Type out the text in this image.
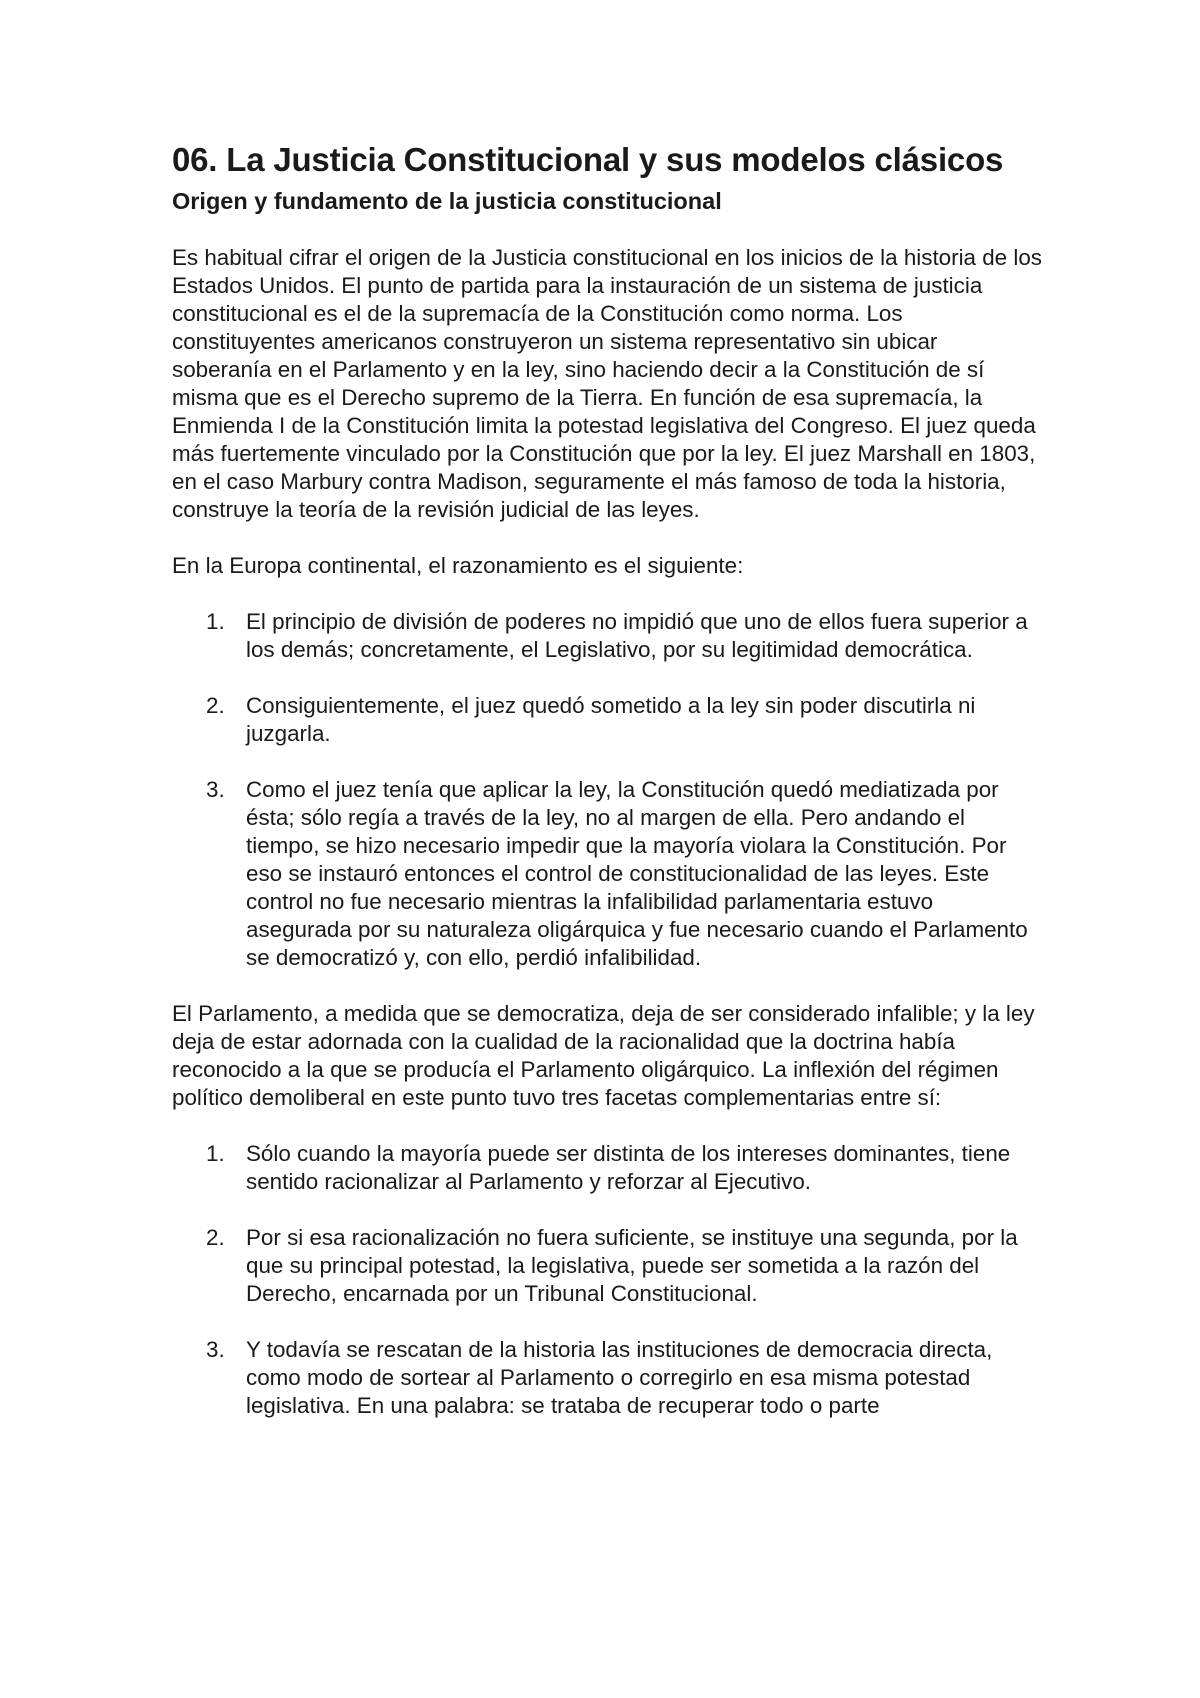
06. La Justicia Constitucional y sus modelos clásicos
Origen y fundamento de la justicia constitucional

Es habitual cifrar el origen de la Justicia constitucional en los inicios de la historia de los Estados Unidos. El punto de partida para la instauración de un sistema de justicia constitucional es el de la supremacía de la Constitución como norma. Los constituyentes americanos construyeron un sistema representativo sin ubicar soberanía en el Parlamento y en la ley, sino haciendo decir a la Constitución de sí misma que es el Derecho supremo de la Tierra. En función de esa supremacía, la Enmienda I de la Constitución limita la potestad legislativa del Congreso. El juez queda más fuertemente vinculado por la Constitución que por la ley. El juez Marshall en 1803, en el caso Marbury contra Madison, seguramente el más famoso de toda la historia, construye la teoría de la revisión judicial de las leyes.

En la Europa continental, el razonamiento es el siguiente:

1. El principio de división de poderes no impidió que uno de ellos fuera superior a los demás; concretamente, el Legislativo, por su legitimidad democrática.
2. Consiguientemente, el juez quedó sometido a la ley sin poder discutirla ni juzgarla.
3. Como el juez tenía que aplicar la ley, la Constitución quedó mediatizada por ésta; sólo regía a través de la ley, no al margen de ella. Pero andando el tiempo, se hizo necesario impedir que la mayoría violara la Constitución. Por eso se instauró entonces el control de constitucionalidad de las leyes. Este control no fue necesario mientras la infalibilidad parlamentaria estuvo asegurada por su naturaleza oligárquica y fue necesario cuando el Parlamento se democratizó y, con ello, perdió infalibilidad.

El Parlamento, a medida que se democratiza, deja de ser considerado infalible; y la ley deja de estar adornada con la cualidad de la racionalidad que la doctrina había reconocido a la que se producía el Parlamento oligárquico. La inflexión del régimen político demoliberal en este punto tuvo tres facetas complementarias entre sí:

1. Sólo cuando la mayoría puede ser distinta de los intereses dominantes, tiene sentido racionalizar al Parlamento y reforzar al Ejecutivo.
2. Por si esa racionalización no fuera suficiente, se instituye una segunda, por la que su principal potestad, la legislativa, puede ser sometida a la razón del Derecho, encarnada por un Tribunal Constitucional.
3. Y todavía se rescatan de la historia las instituciones de democracia directa, como modo de sortear al Parlamento o corregirlo en esa misma potestad legislativa. En una palabra: se trataba de recuperar todo o parte
